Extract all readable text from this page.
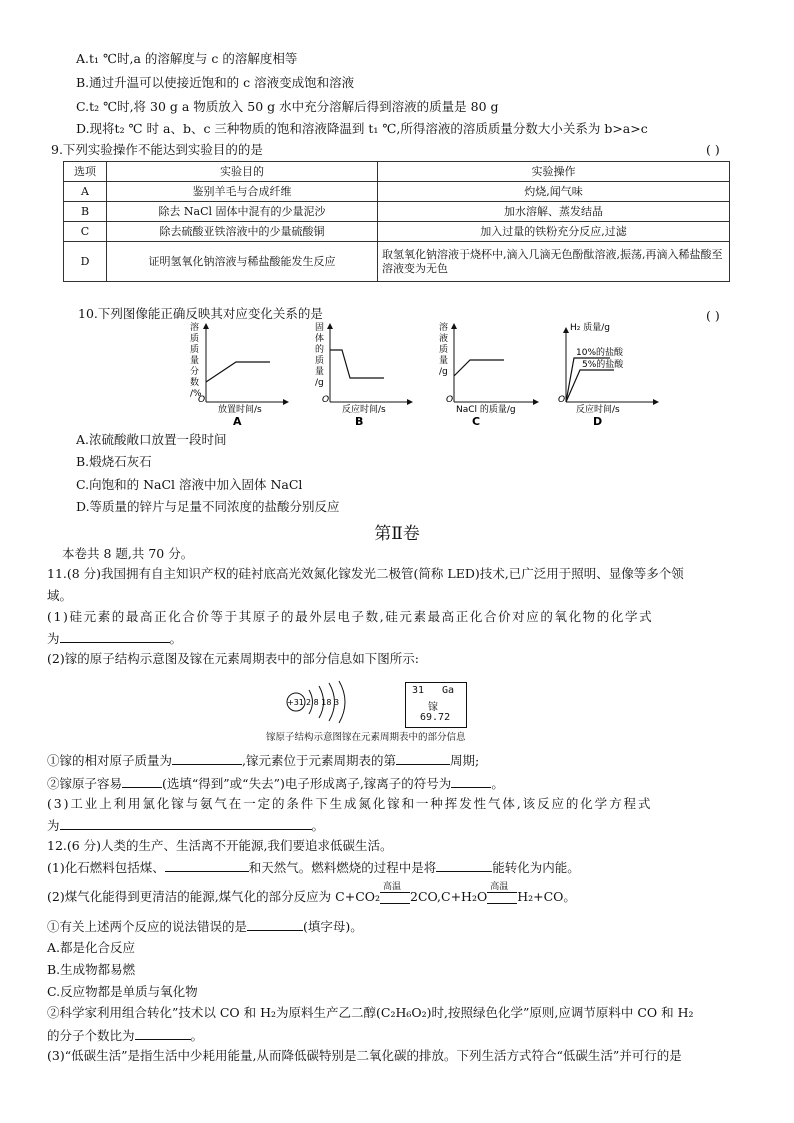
A.t₁ ℃时,a 的溶解度与 c 的溶解度相等
B.通过升温可以使接近饱和的 c 溶液变成饱和溶液
C.t₂ ℃时,将 30 g a 物质放入 50 g 水中充分溶解后得到溶液的质量是 80 g
D.现将t₂ ℃ 时 a、b、c 三种物质的饱和溶液降温到 t₁ ℃,所得溶液的溶质质量分数大小关系为 b>a>c
9.下列实验操作不能达到实验目的的是	( )
选项	实验目的	实验操作
A	鉴别羊毛与合成纤维	灼烧,闻气味
B	除去 NaCl 固体中混有的少量泥沙	加水溶解、蒸发结晶
C	除去硫酸亚铁溶液中的少量硫酸铜	加入过量的铁粉充分反应,过滤
D	证明氢氧化钠溶液与稀盐酸能发生反应	取氢氧化钠溶液于烧杯中,滴入几滴无色酚酞溶液,振荡,再滴入稀盐酸至溶液变为无色
10.下列图像能正确反映其对应变化关系的是	( )
溶 质 质 量 分 数 /%
O
放置时间/s
A
固 体 的 质 量 /g
O
反应时间/s
B
溶 液 质 量 /g
O
NaCl 的质量/g
C
H₂ 质量/g
10%的盐酸
5%的盐酸
O
反应时间/s
D
A.浓硫酸敞口放置一段时间
B.煅烧石灰石
C.向饱和的 NaCl 溶液中加入固体 NaCl
D.等质量的锌片与足量不同浓度的盐酸分别反应
第Ⅱ卷
本卷共 8 题,共 70 分。
11.(8 分)我国拥有自主知识产权的硅衬底高光效氮化镓发光二极管(简称 LED)技术,已广泛用于照明、显像等多个领
域。
(1)硅元素的最高正化合价等于其原子的最外层电子数,硅元素最高正化合价对应的氧化物的化学式
为	。
(2)镓的原子结构示意图及镓在元素周期表中的部分信息如下图所示:
+31 2 8 18 3
31 Ga
镓
69.72
镓原子结构示意图镓在元素周期表中的部分信息
①镓的相对原子质量为	,镓元素位于元素周期表的第	周期;
②镓原子容易	(选填“得到”或“失去”)电子形成离子,镓离子的符号为	。
(3)工业上利用氯化镓与氨气在一定的条件下生成氮化镓和一种挥发性气体,该反应的化学方程式
为	。
12.(6 分)人类的生产、生活离不开能源,我们要追求低碳生活。
(1)化石燃料包括煤、	和天然气。燃料燃烧的过程中是将	能转化为内能。
(2)煤气化能得到更清洁的能源,煤气化的部分反应为 C+CO₂
高温
2CO,C+H₂O
高温
H₂+CO。
①有关上述两个反应的说法错误的是	(填字母)。
A.都是化合反应
B.生成物都易燃
C.反应物都是单质与氧化物
②科学家利用组合转化”技术以 CO 和 H₂为原料生产乙二醇(C₂H₆O₂)时,按照绿色化学”原则,应调节原料中 CO 和 H₂
的分子个数比为	。
(3)“低碳生活”是指生活中少耗用能量,从而降低碳特别是二氧化碳的排放。下列生活方式符合“低碳生活”并可行的是
